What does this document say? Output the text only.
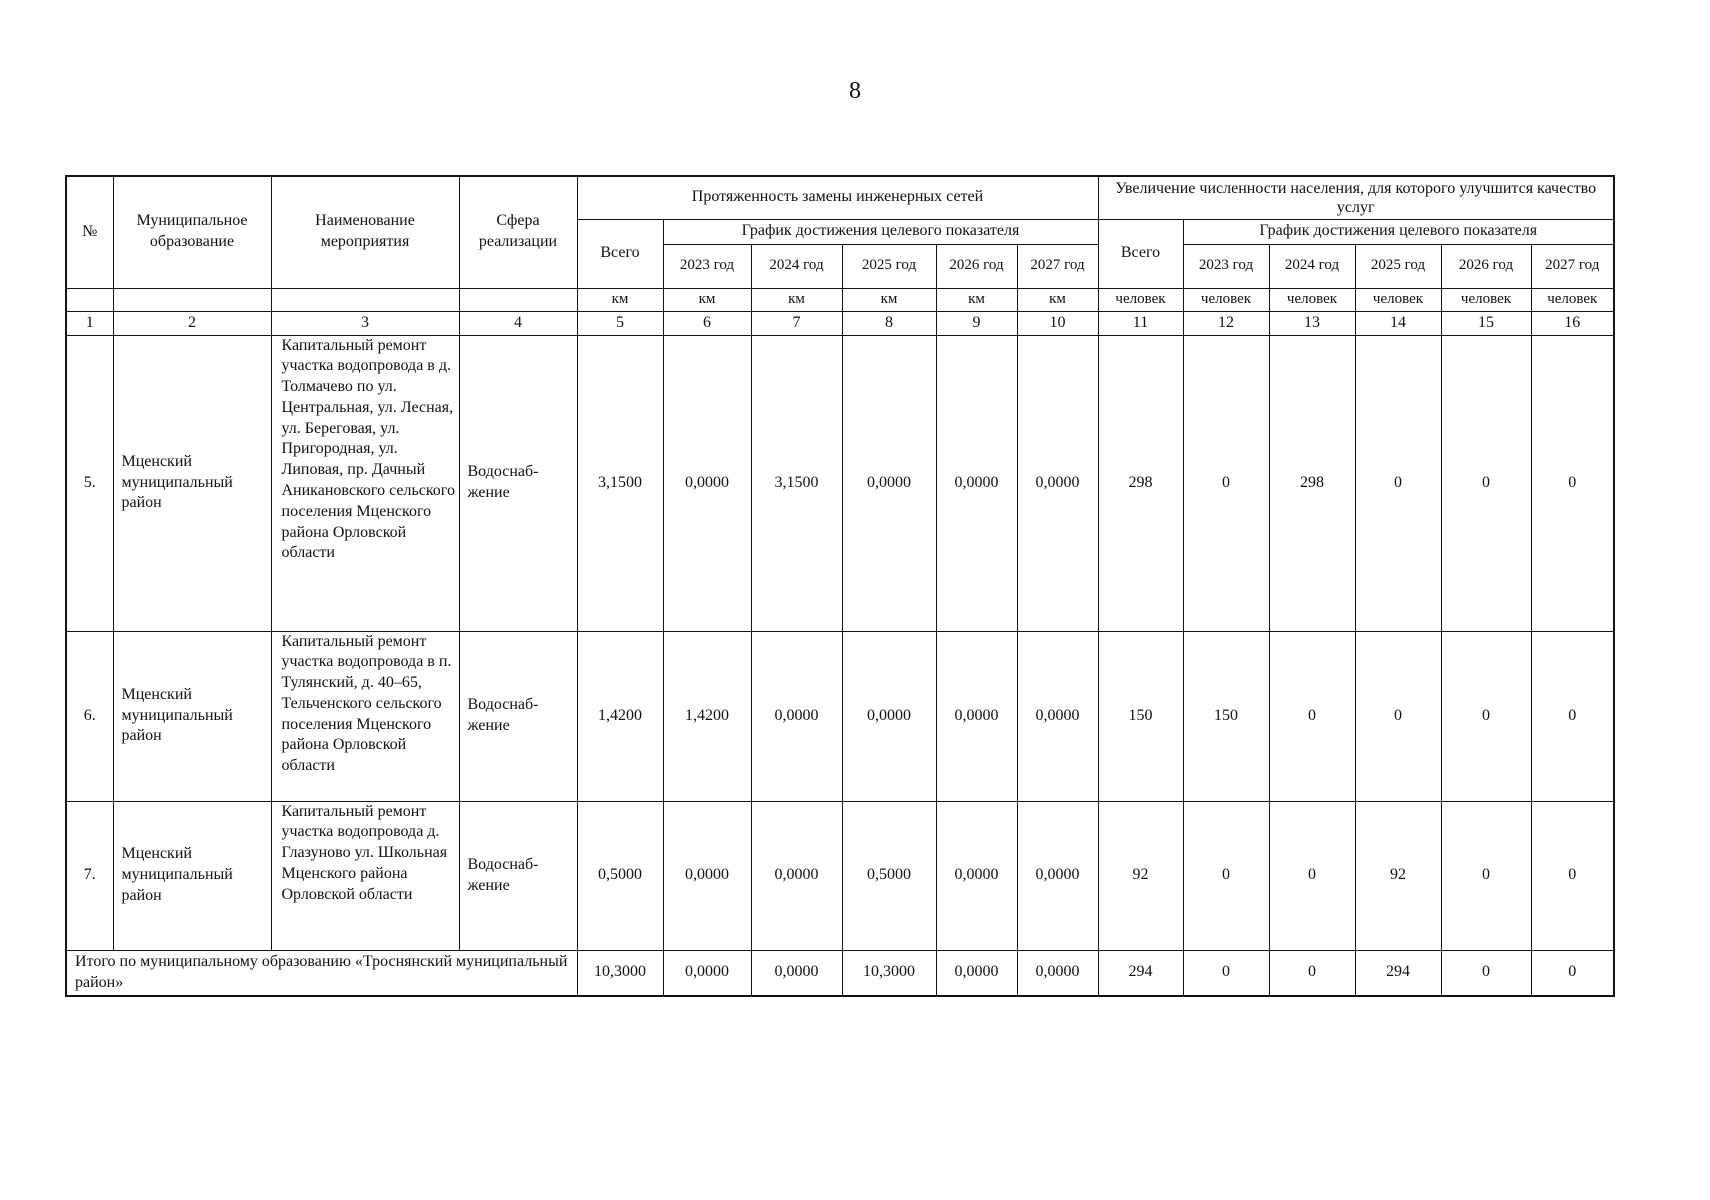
8
№	Муниципальное образование	Наименование мероприятия	Сфера реализации	Протяженность замены инженерных сетей						Увеличение численности населения, для которого улучшится качество услуг					
				Всего	График достижения целевого показателя					Всего	График достижения целевого показателя				
					2023 год	2024 год	2025 год	2026 год	2027 год		2023 год	2024 год	2025 год	2026 год	2027 год
				км	км	км	км	км	км	человек	человек	человек	человек	человек	человек
1	2	3	4	5	6	7	8	9	10	11	12	13	14	15	16
5.	Мценский муниципальный район	Капитальный ремонт участка водопровода в д. Толмачево по ул. Центральная, ул. Лесная, ул. Береговая, ул. Пригородная, ул. Липовая, пр. Дачный Аникановского сельского поселения Мценского района Орловской области	Водоснаб-жение	3,1500	0,0000	3,1500	0,0000	0,0000	0,0000	298	0	298	0	0	0
6.	Мценский муниципальный район	Капитальный ремонт участка водопровода в п. Тулянский, д. 40–65, Тельченского сельского поселения Мценского района Орловской области	Водоснаб-жение	1,4200	1,4200	0,0000	0,0000	0,0000	0,0000	150	150	0	0	0	0
7.	Мценский муниципальный район	Капитальный ремонт участка водопровода д. Глазуново ул. Школьная Мценского района Орловской области	Водоснаб-жение	0,5000	0,0000	0,0000	0,5000	0,0000	0,0000	92	0	0	92	0	0
Итого по муниципальному образованию «Троснянский муниципальный район»				10,3000	0,0000	0,0000	10,3000	0,0000	0,0000	294	0	0	294	0	0
